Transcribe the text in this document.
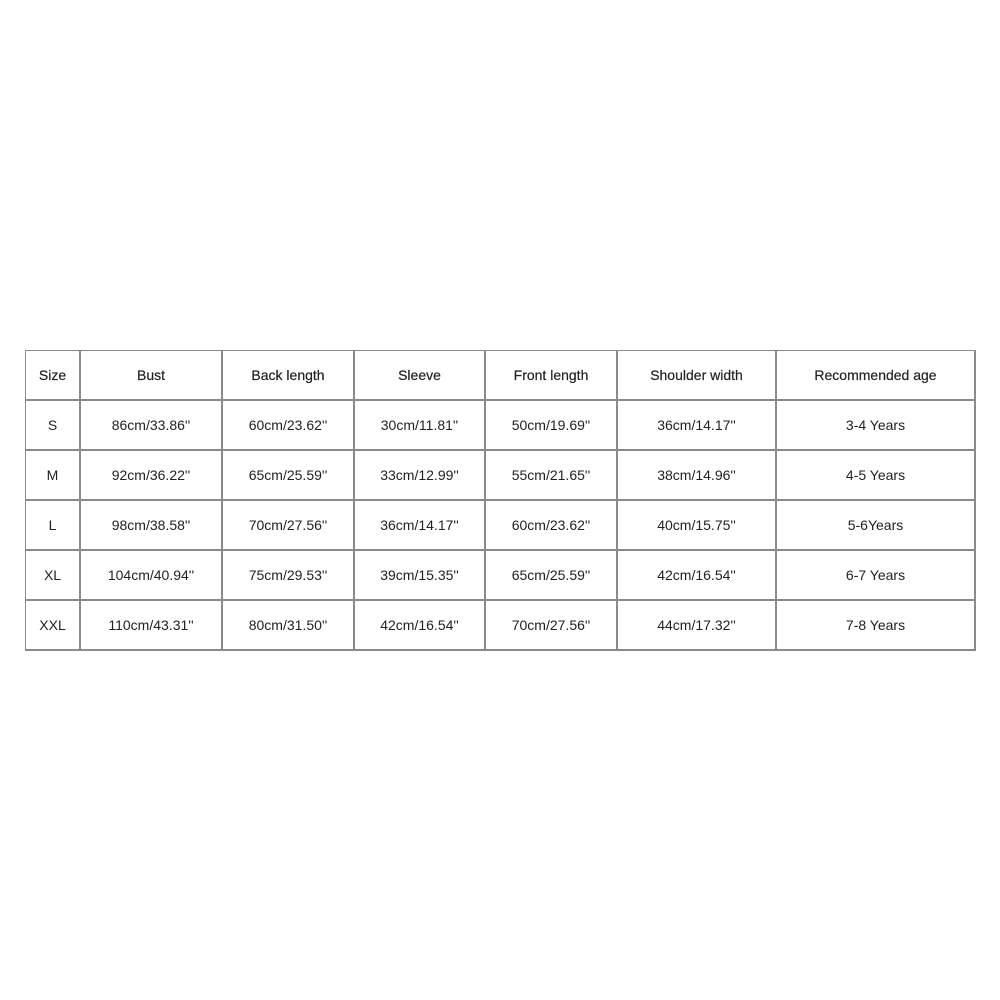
Size	Bust	Back length	Sleeve	Front length	Shoulder width	Recommended age
S	86cm/33.86''	60cm/23.62''	30cm/11.81''	50cm/19.69''	36cm/14.17''	3-4 Years
M	92cm/36.22''	65cm/25.59''	33cm/12.99''	55cm/21.65''	38cm/14.96''	4-5 Years
L	98cm/38.58''	70cm/27.56''	36cm/14.17''	60cm/23.62''	40cm/15.75''	5-6Years
XL	104cm/40.94''	75cm/29.53''	39cm/15.35''	65cm/25.59''	42cm/16.54''	6-7 Years
XXL	110cm/43.31''	80cm/31.50''	42cm/16.54''	70cm/27.56''	44cm/17.32''	7-8 Years
